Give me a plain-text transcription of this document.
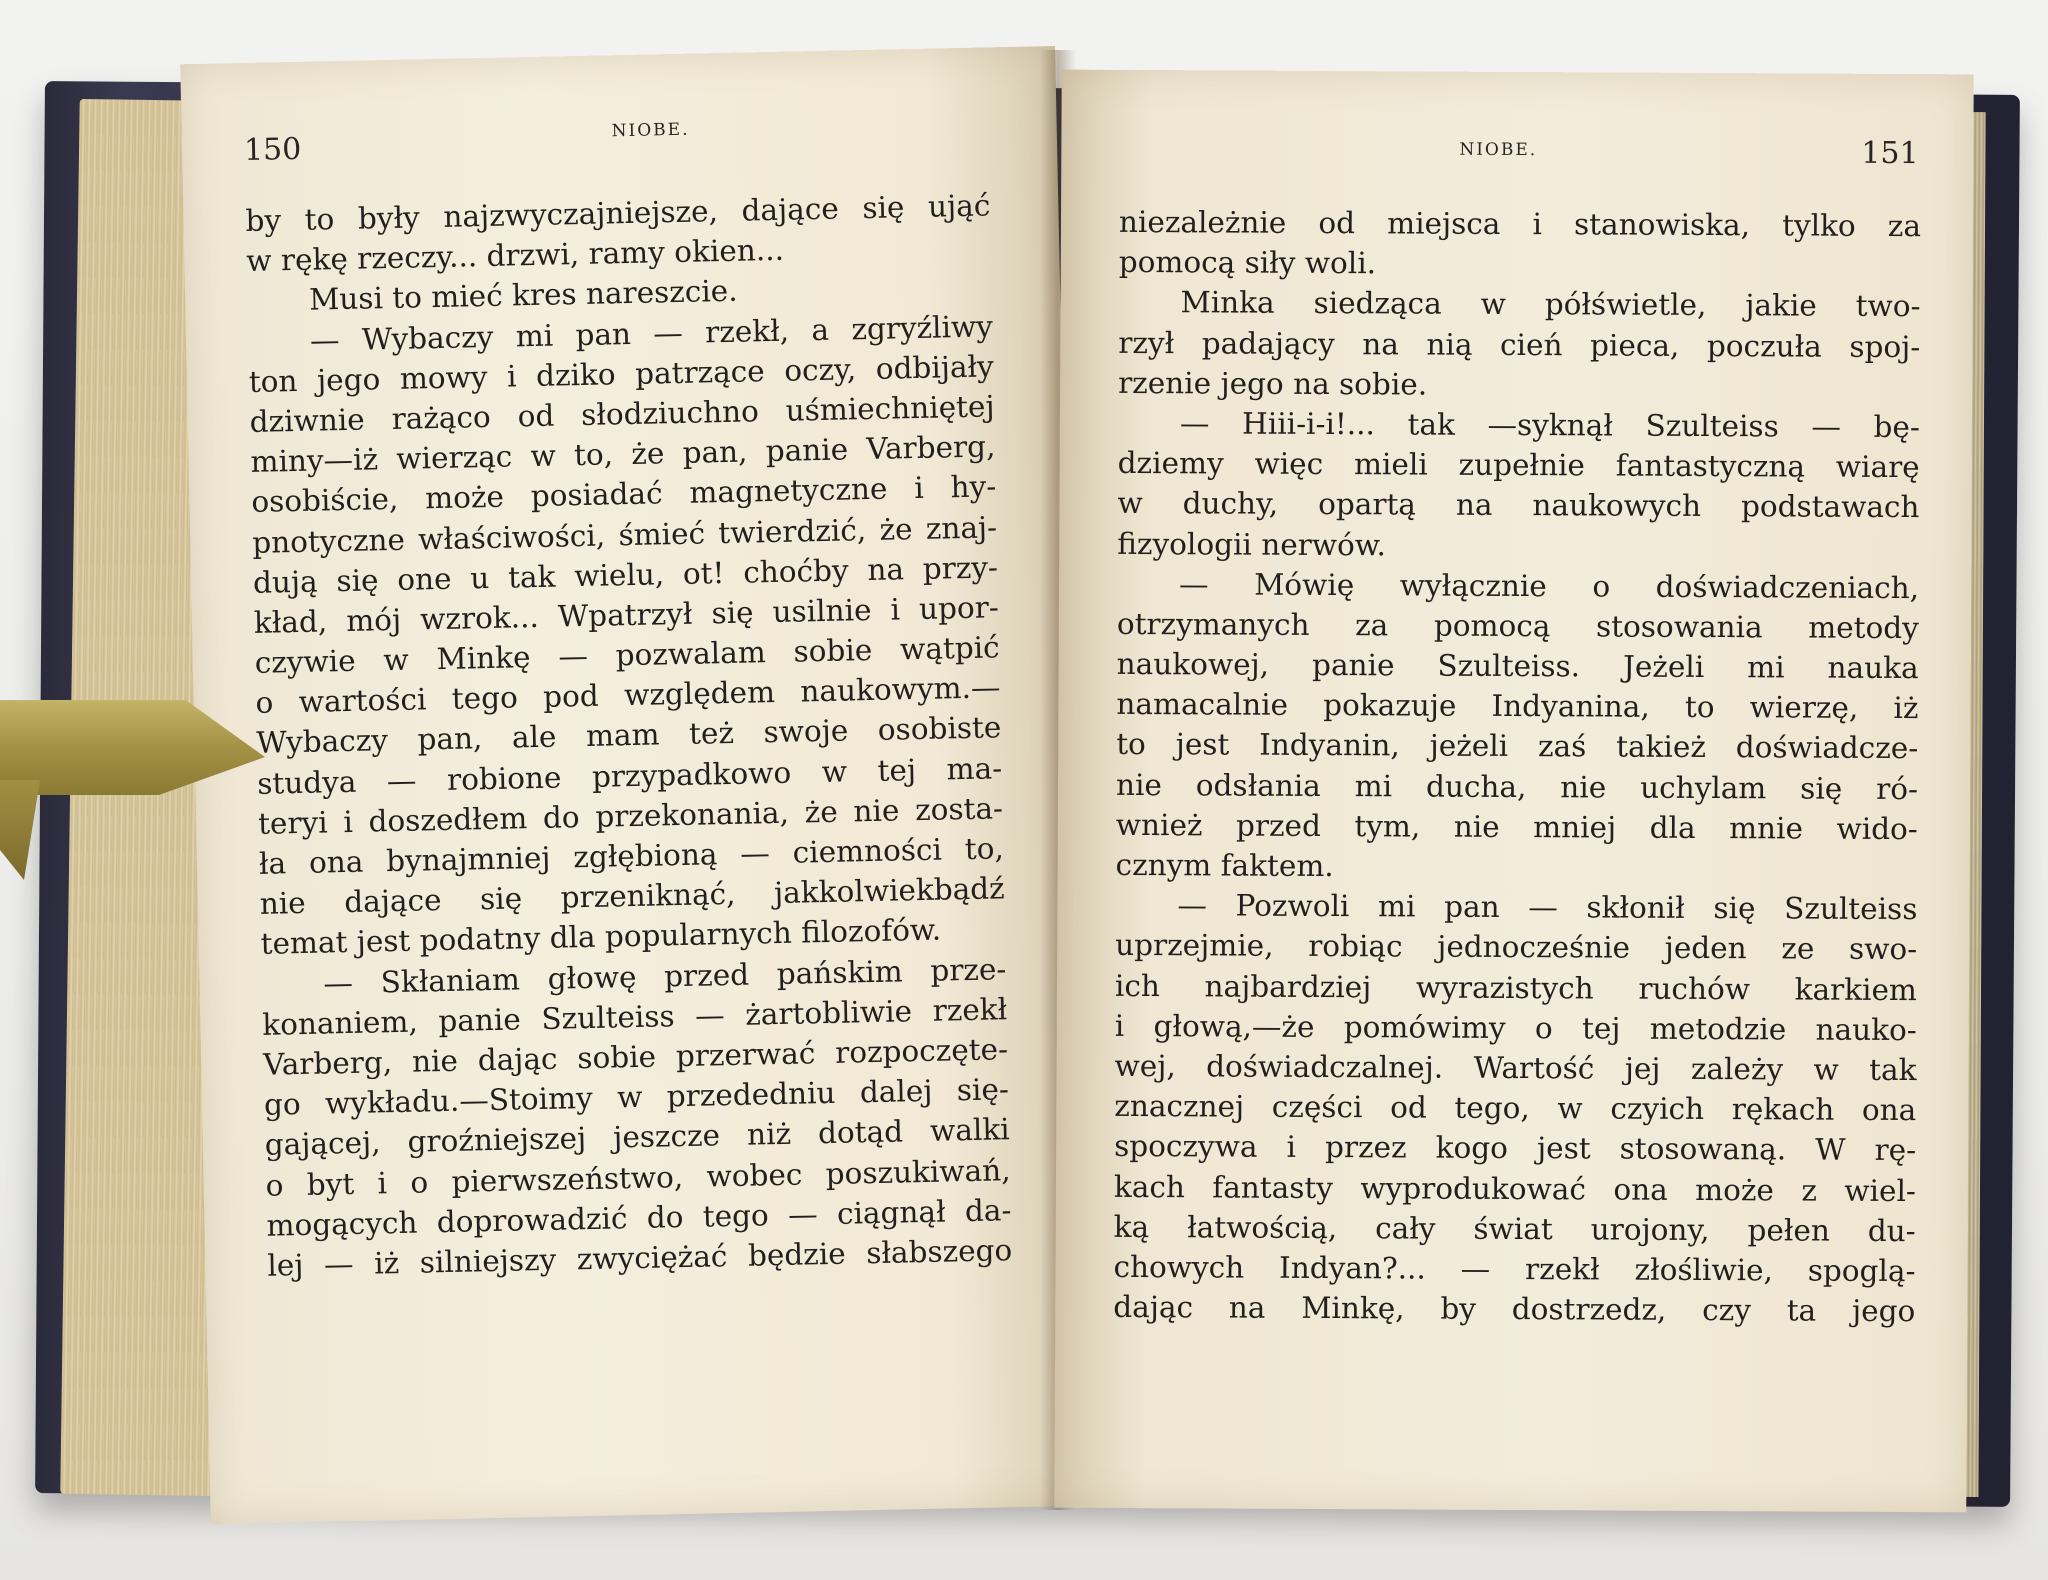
150
NIOBE.
by to były najzwyczajniejsze, dające się ująć
w rękę rzeczy... drzwi, ramy okien...
Musi to mieć kres nareszcie.
— Wybaczy mi pan — rzekł, a zgryźliwy
ton jego mowy i dziko patrzące oczy, odbijały
dziwnie rażąco od słodziuchno uśmiechniętej
miny—iż wierząc w to, że pan, panie Varberg,
osobiście, może posiadać magnetyczne i hy-
pnotyczne właściwości, śmieć twierdzić, że znaj-
dują się one u tak wielu, ot! choćby na przy-
kład, mój wzrok... Wpatrzył się usilnie i upor-
czywie w Minkę — pozwalam sobie wątpić
o wartości tego pod względem naukowym.—
Wybaczy pan, ale mam też swoje osobiste
studya — robione przypadkowo w tej ma-
teryi i doszedłem do przekonania, że nie zosta-
ła ona bynajmniej zgłębioną — ciemności to,
nie dające się przeniknąć, jakkolwiekbądź
temat jest podatny dla popularnych filozofów.
— Skłaniam głowę przed pańskim prze-
konaniem, panie Szulteiss — żartobliwie rzekł
Varberg, nie dając sobie przerwać rozpoczęte-
go wykładu.—Stoimy w przededniu dalej się-
gającej, groźniejszej jeszcze niż dotąd walki
o byt i o pierwszeństwo, wobec poszukiwań,
mogących doprowadzić do tego — ciągnął da-
lej — iż silniejszy zwyciężać będzie słabszego
NIOBE.	151
niezależnie od miejsca i stanowiska, tylko za
pomocą siły woli.
Minka siedząca w półświetle, jakie two-
rzył padający na nią cień pieca, poczuła spoj-
rzenie jego na sobie.
— Hiii-i-i!... tak —syknął Szulteiss — bę-
dziemy więc mieli zupełnie fantastyczną wiarę
w duchy, opartą na naukowych podstawach
fizyologii nerwów.
— Mówię wyłącznie o doświadczeniach,
otrzymanych za pomocą stosowania metody
naukowej, panie Szulteiss. Jeżeli mi nauka
namacalnie pokazuje Indyanina, to wierzę, iż
to jest Indyanin, jeżeli zaś takież doświadcze-
nie odsłania mi ducha, nie uchylam się ró-
wnież przed tym, nie mniej dla mnie wido-
cznym faktem.
— Pozwoli mi pan — skłonił się Szulteiss
uprzejmie, robiąc jednocześnie jeden ze swo-
ich najbardziej wyrazistych ruchów karkiem
i głową,—że pomówimy o tej metodzie nauko-
wej, doświadczalnej. Wartość jej zależy w tak
znacznej części od tego, w czyich rękach ona
spoczywa i przez kogo jest stosowaną. W rę-
kach fantasty wyprodukować ona może z wiel-
ką łatwością, cały świat urojony, pełen du-
chowych Indyan?... — rzekł złośliwie, spoglą-
dając na Minkę, by dostrzedz, czy ta jego
